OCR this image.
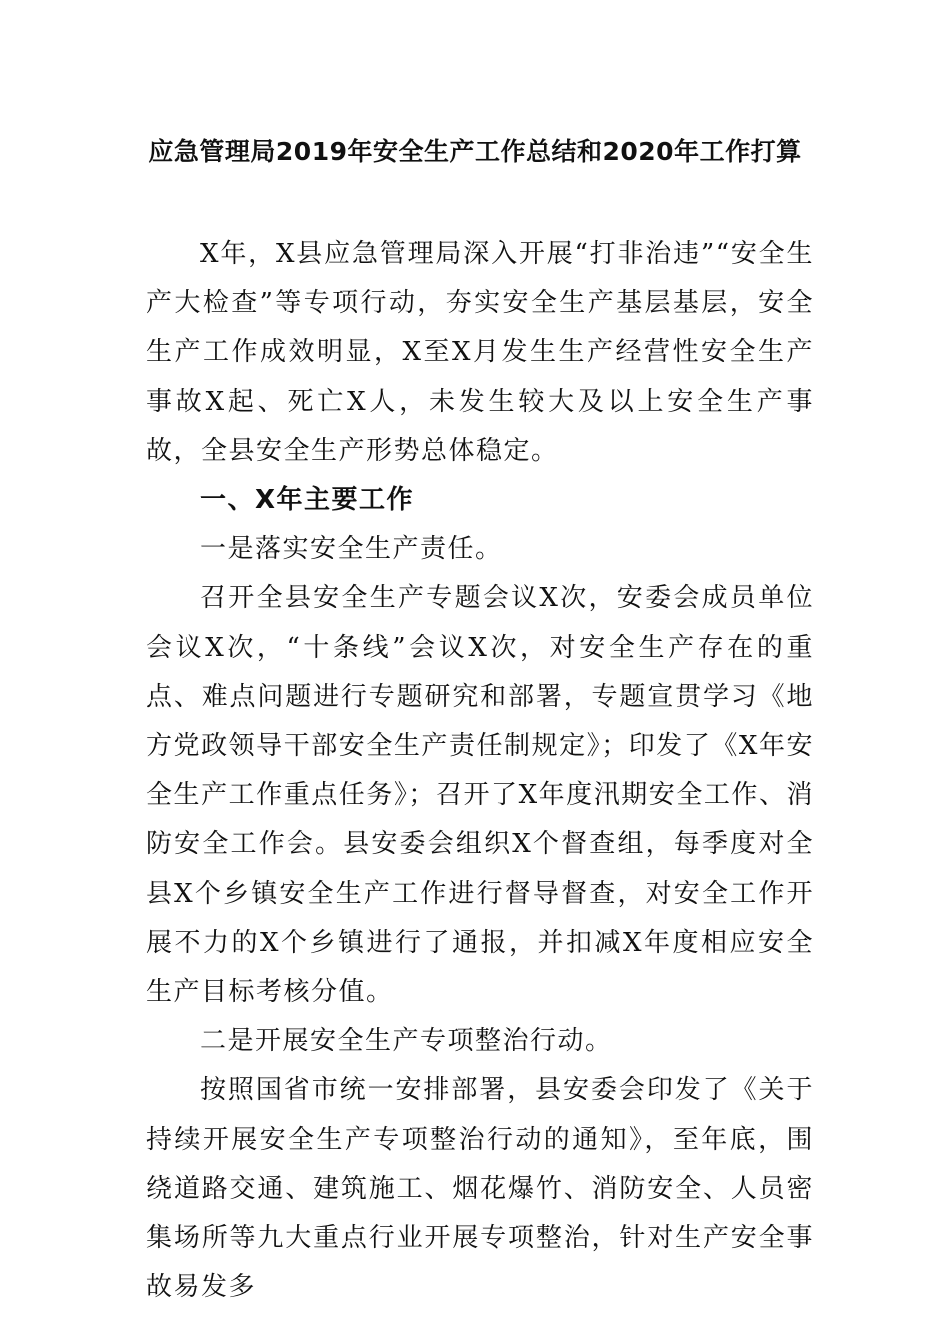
应急管理局2019年安全生产工作总结和2020年工作打算

X年，X县应急管理局深入开展“打非治违”“安全生产大检查”等专项行动，夯实安全生产基层基层，安全生产工作成效明显，X至X月发生生产经营性安全生产事故X起、死亡X人，未发生较大及以上安全生产事故，全县安全生产形势总体稳定。

一、X年主要工作

一是落实安全生产责任。

召开全县安全生产专题会议X次，安委会成员单位会议X次，“十条线”会议X次，对安全生产存在的重点、难点问题进行专题研究和部署，专题宣贯学习《地方党政领导干部安全生产责任制规定》；印发了《X年安全生产工作重点任务》；召开了X年度汛期安全工作、消防安全工作会。县安委会组织X个督查组，每季度对全县X个乡镇安全生产工作进行督导督查，对安全工作开展不力的X个乡镇进行了通报，并扣减X年度相应安全生产目标考核分值。

二是开展安全生产专项整治行动。

按照国省市统一安排部署，县安委会印发了《关于持续开展安全生产专项整治行动的通知》，至年底，围绕道路交通、建筑施工、烟花爆竹、消防安全、人员密集场所等九大重点行业开展专项整治，针对生产安全事故易发多
